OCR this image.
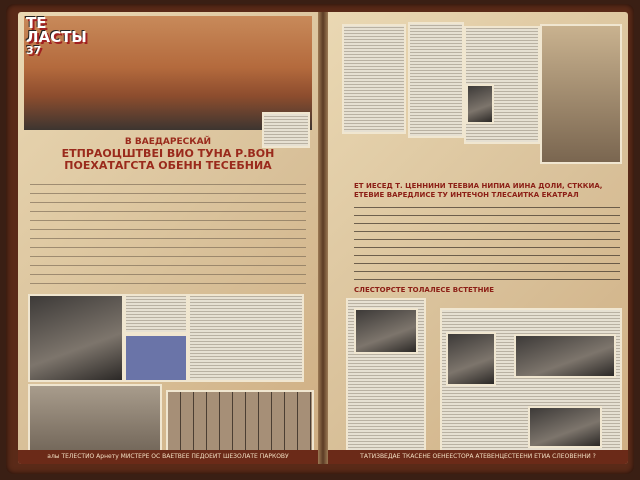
ТЕ
ЛАСТЫ
37
В ВАЕДАРЕСКАЙ
ЕТПРАОЦШТВЕI ВИО ТУНА Р.ВОН
ПОЕХАТАГСТА ОБЕНН ТЕСЕБНИА
алы ТЕЛЕСТИО Арнету МИСТЕРЕ ОС ВАЕТВЕЕ ПЕДОЕИТ ШЕЗОЛАТЕ ПАРКОВУ
ЕТ ИЕСЕД Т. ЦЕННИНИ ТЕЕВИА НИПИА ИИНА ДОЛИ, СТККИА,
ЕТЕВИЕ ВАРЕДЛИСЕ ТУ ИНТЕЧОН ТЛЕСАИТКА ЕКАТРАЛ
СЛЕСТОРСТЕ ТОЛАЛЕСЕ ВСТЕТНИЕ
ТАТИЗВЕДАЕ ТКАСЕНЕ ОЕНЕЕСТОРА АТЕВЕНЦЕСТЕЕНИ ЕТИА СЛЕОВЕННИ ?
